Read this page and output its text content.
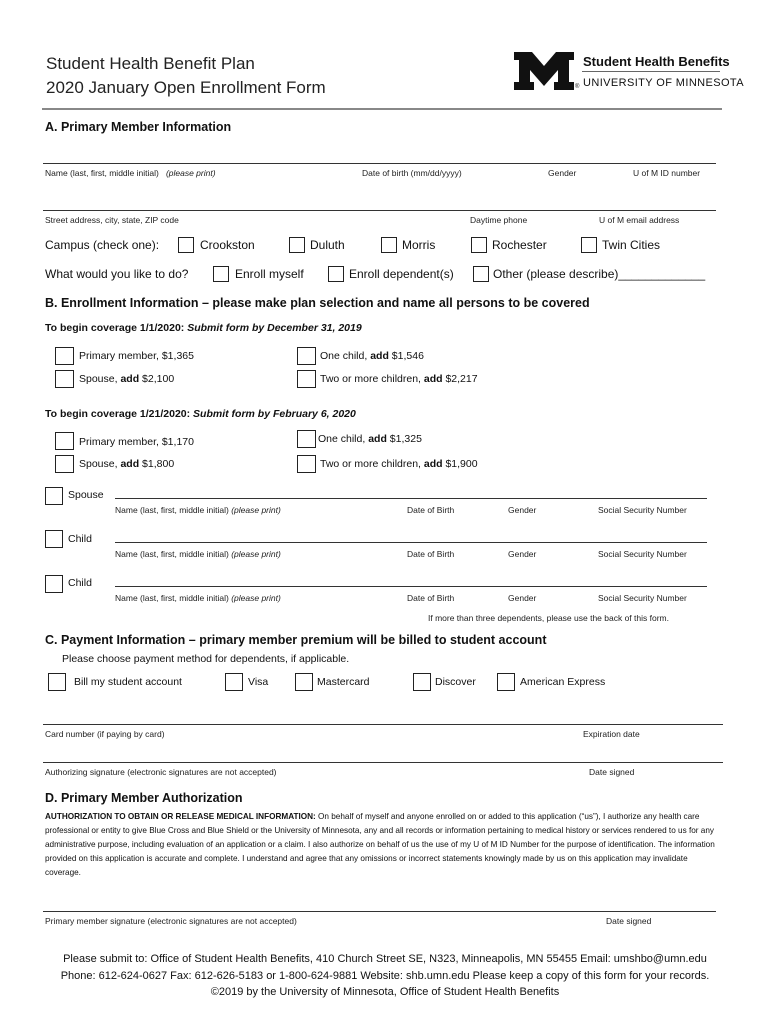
Student Health Benefit Plan
2020 January Open Enrollment Form	®
Student Health Benefits
UNIVERSITY OF MINNESOTA
A. Primary Member Information
Name (last, first, middle initial) (please print)	Date of birth (mm/dd/yyyy)	Gender	U of M ID number
Street address, city, state, ZIP code	Daytime phone	U of M email address
Campus (check one):	Crookston	Duluth	Morris	Rochester	Twin Cities
What would you like to do?	Enroll myself	Enroll dependent(s)	Other (please describe)_____________
B. Enrollment Information – please make plan selection and name all persons to be covered
To begin coverage 1/1/2020: Submit form by December 31, 2019
Primary member, $1,365	One child, add $1,546
Spouse, add $2,100	Two or more children, add $2,217
To begin coverage 1/21/2020: Submit form by February 6, 2020
Primary member, $1,170	One child, add $1,325
Spouse, add $1,800	Two or more children, add $1,900
Spouse
Name (last, first, middle initial) (please print)	Date of Birth	Gender	Social Security Number
Child
Name (last, first, middle initial) (please print)	Date of Birth	Gender	Social Security Number
Child
Name (last, first, middle initial) (please print)	Date of Birth	Gender	Social Security Number
If more than three dependents, please use the back of this form.
C. Payment Information – primary member premium will be billed to student account
Please choose payment method for dependents, if applicable.
Bill my student account	Visa	Mastercard	Discover	American Express
Card number (if paying by card)	Expiration date
Authorizing signature (electronic signatures are not accepted)	Date signed
D. Primary Member Authorization
AUTHORIZATION TO OBTAIN OR RELEASE MEDICAL INFORMATION: On behalf of myself and anyone enrolled on or added to this application (“us”), I authorize any health care professional or entity to give Blue Cross and Blue Shield or the University of Minnesota, any and all records or information pertaining to medical history or services rendered to us for any administrative purpose, including evaluation of an application or a claim. I also authorize on behalf of us the use of my U of M ID Number for the purpose of identification. The information provided on this application is accurate and complete. I understand and agree that any omissions or incorrect statements knowingly made by us on this application may invalidate coverage.
Primary member signature (electronic signatures are not accepted)	Date signed
Please submit to: Office of Student Health Benefits, 410 Church Street SE, N323, Minneapolis, MN 55455 Email: umshbo@umn.edu
Phone: 612-624-0627 Fax: 612-626-5183 or 1-800-624-9881 Website: shb.umn.edu Please keep a copy of this form for your records.
©2019 by the University of Minnesota, Office of Student Health Benefits
